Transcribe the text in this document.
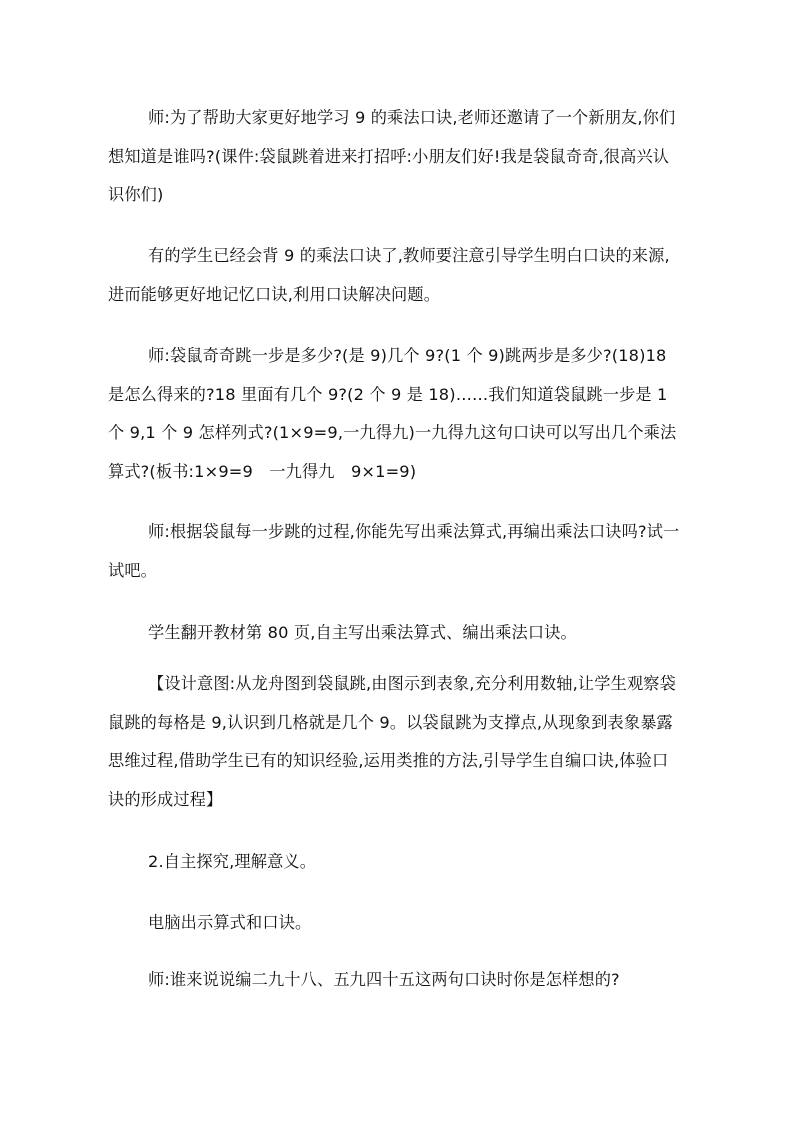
师:为了帮助大家更好地学习 9 的乘法口诀,老师还邀请了一个新朋友,你们想知道是谁吗?(课件:袋鼠跳着进来打招呼:小朋友们好!我是袋鼠奇奇,很高兴认识你们)

有的学生已经会背 9 的乘法口诀了,教师要注意引导学生明白口诀的来源,进而能够更好地记忆口诀,利用口诀解决问题。

师:袋鼠奇奇跳一步是多少?(是 9)几个 9?(1 个 9)跳两步是多少?(18)18 是怎么得来的?18 里面有几个 9?(2 个 9 是 18)……我们知道袋鼠跳一步是 1 个 9,1 个 9 怎样列式?(1×9=9,一九得九)一九得九这句口诀可以写出几个乘法算式?(板书:1×9=9　一九得九　9×1=9)

师:根据袋鼠每一步跳的过程,你能先写出乘法算式,再编出乘法口诀吗?试一试吧。

学生翻开教材第 80 页,自主写出乘法算式、编出乘法口诀。

【设计意图:从龙舟图到袋鼠跳,由图示到表象,充分利用数轴,让学生观察袋鼠跳的每格是 9,认识到几格就是几个 9。以袋鼠跳为支撑点,从现象到表象暴露思维过程,借助学生已有的知识经验,运用类推的方法,引导学生自编口诀,体验口诀的形成过程】

2.自主探究,理解意义。

电脑出示算式和口诀。

师:谁来说说编二九十八、五九四十五这两句口诀时你是怎样想的?
